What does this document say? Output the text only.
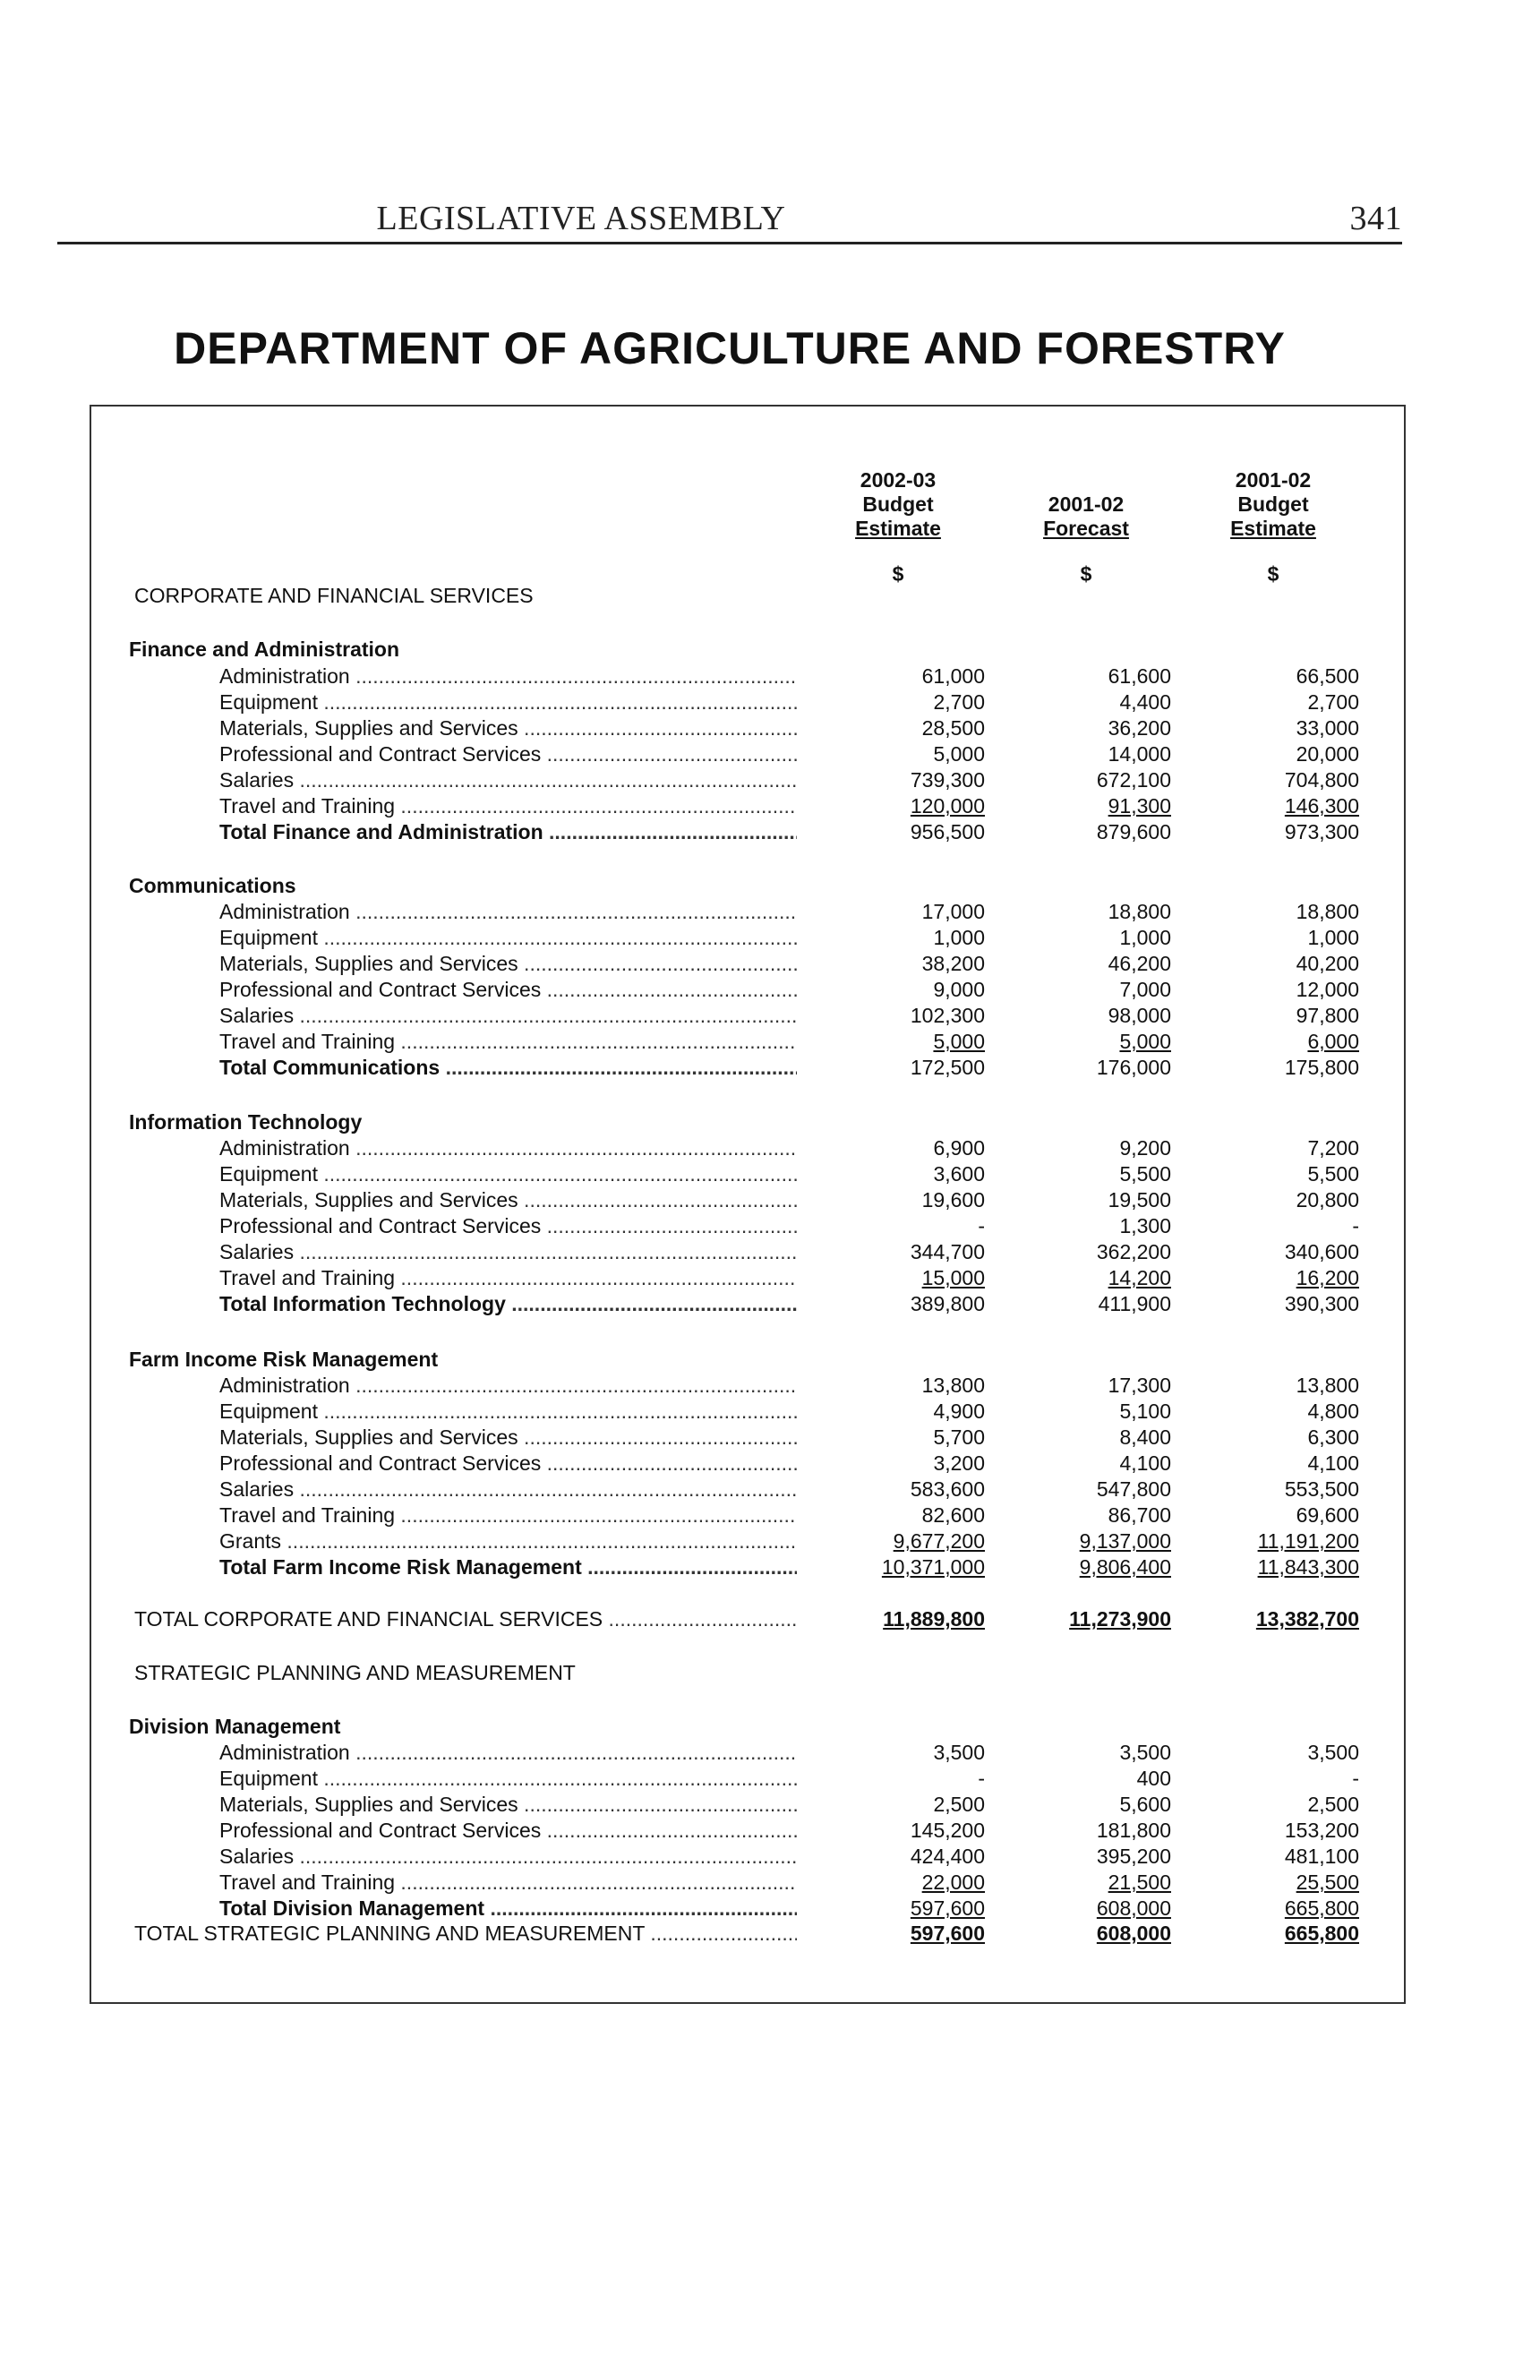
LEGISLATIVE ASSEMBLY	341
DEPARTMENT OF AGRICULTURE AND FORESTRY
2002-03
Budget
Estimate
2001-02
Forecast
2001-02
Budget
Estimate
$	$	$
CORPORATE AND FINANCIAL SERVICES
Finance and Administration
Administration .....	61,000	61,600	66,500
Equipment .....	2,700	4,400	2,700
Materials, Supplies and Services .....	28,500	36,200	33,000
Professional and Contract Services .....	5,000	14,000	20,000
Salaries .....	739,300	672,100	704,800
Travel and Training .....	120,000	91,300	146,300
Total Finance and Administration .....	956,500	879,600	973,300
Communications
Administration .....	17,000	18,800	18,800
Equipment .....	1,000	1,000	1,000
Materials, Supplies and Services .....	38,200	46,200	40,200
Professional and Contract Services .....	9,000	7,000	12,000
Salaries .....	102,300	98,000	97,800
Travel and Training .....	5,000	5,000	6,000
Total Communications .....	172,500	176,000	175,800
Information Technology
Administration .....	6,900	9,200	7,200
Equipment .....	3,600	5,500	5,500
Materials, Supplies and Services .....	19,600	19,500	20,800
Professional and Contract Services .....	-	1,300	-
Salaries .....	344,700	362,200	340,600
Travel and Training .....	15,000	14,200	16,200
Total Information Technology .....	389,800	411,900	390,300
Farm Income Risk Management
Administration .....	13,800	17,300	13,800
Equipment .....	4,900	5,100	4,800
Materials, Supplies and Services .....	5,700	8,400	6,300
Professional and Contract Services .....	3,200	4,100	4,100
Salaries .....	583,600	547,800	553,500
Travel and Training .....	82,600	86,700	69,600
Grants .....	9,677,200	9,137,000	11,191,200
Total Farm Income Risk Management .....	10,371,000	9,806,400	11,843,300
TOTAL CORPORATE AND FINANCIAL SERVICES .....	11,889,800	11,273,900	13,382,700
STRATEGIC PLANNING AND MEASUREMENT
Division Management
Administration .....	3,500	3,500	3,500
Equipment .....	-	400	-
Materials, Supplies and Services .....	2,500	5,600	2,500
Professional and Contract Services .....	145,200	181,800	153,200
Salaries .....	424,400	395,200	481,100
Travel and Training .....	22,000	21,500	25,500
Total Division Management .....	597,600	608,000	665,800
TOTAL STRATEGIC PLANNING AND MEASUREMENT .....	597,600	608,000	665,800
